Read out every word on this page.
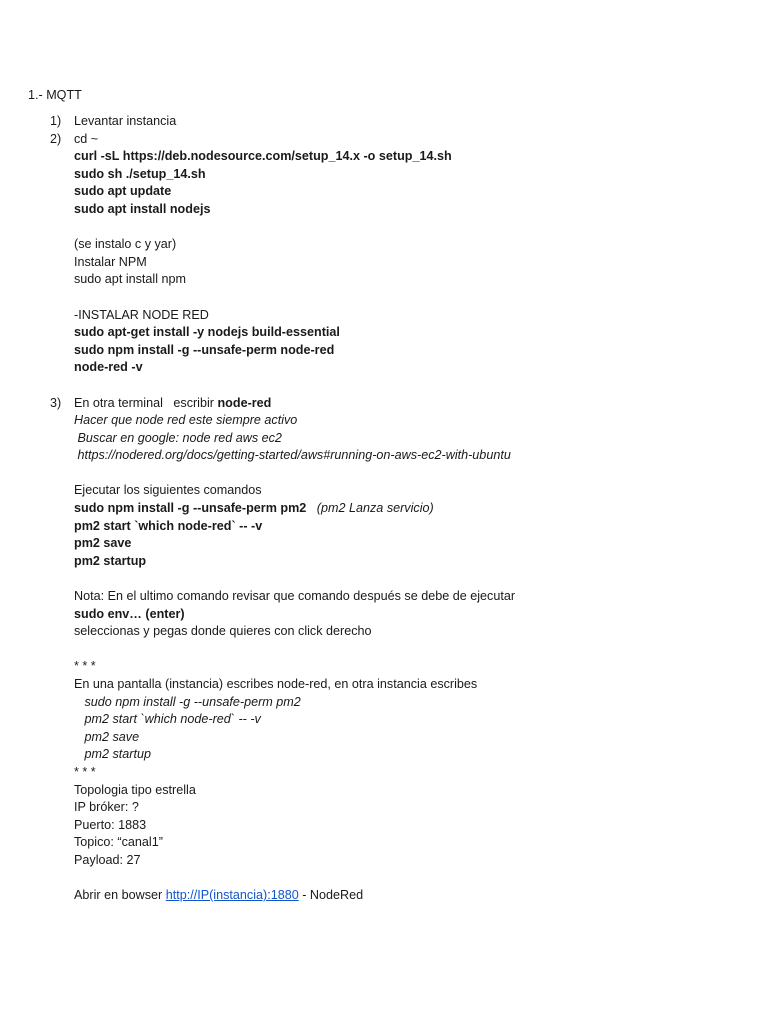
1.- MQTT
1) Levantar instancia
2) cd ~
curl -sL https://deb.nodesource.com/setup_14.x -o setup_14.sh
sudo sh ./setup_14.sh
sudo apt update
sudo apt install nodejs
(se instalo c y yar)
Instalar NPM
sudo apt install npm
-INSTALAR NODE RED
sudo apt-get install -y nodejs build-essential
sudo npm install -g --unsafe-perm node-red
node-red -v
3) En otra terminal   escribir node-red
Hacer que node red este siempre activo
Buscar en google: node red aws ec2
https://nodered.org/docs/getting-started/aws#running-on-aws-ec2-with-ubuntu
Ejecutar los siguientes comandos
sudo npm install -g --unsafe-perm pm2   (pm2 Lanza servicio)
pm2 start `which node-red` -- -v
pm2 save
pm2 startup
Nota: En el ultimo comando revisar que comando después se debe de ejecutar
sudo env… (enter)
seleccionas y pegas donde quieres con click derecho
* * *
En una pantalla (instancia) escribes node-red, en otra instancia escribes
sudo npm install -g --unsafe-perm pm2
pm2 start `which node-red` -- -v
pm2 save
pm2 startup
* * *
Topologia tipo estrella
IP bróker: ?
Puerto: 1883
Topico: “canal1”
Payload: 27
Abrir en bowser http://IP(instancia):1880 - NodeRed
